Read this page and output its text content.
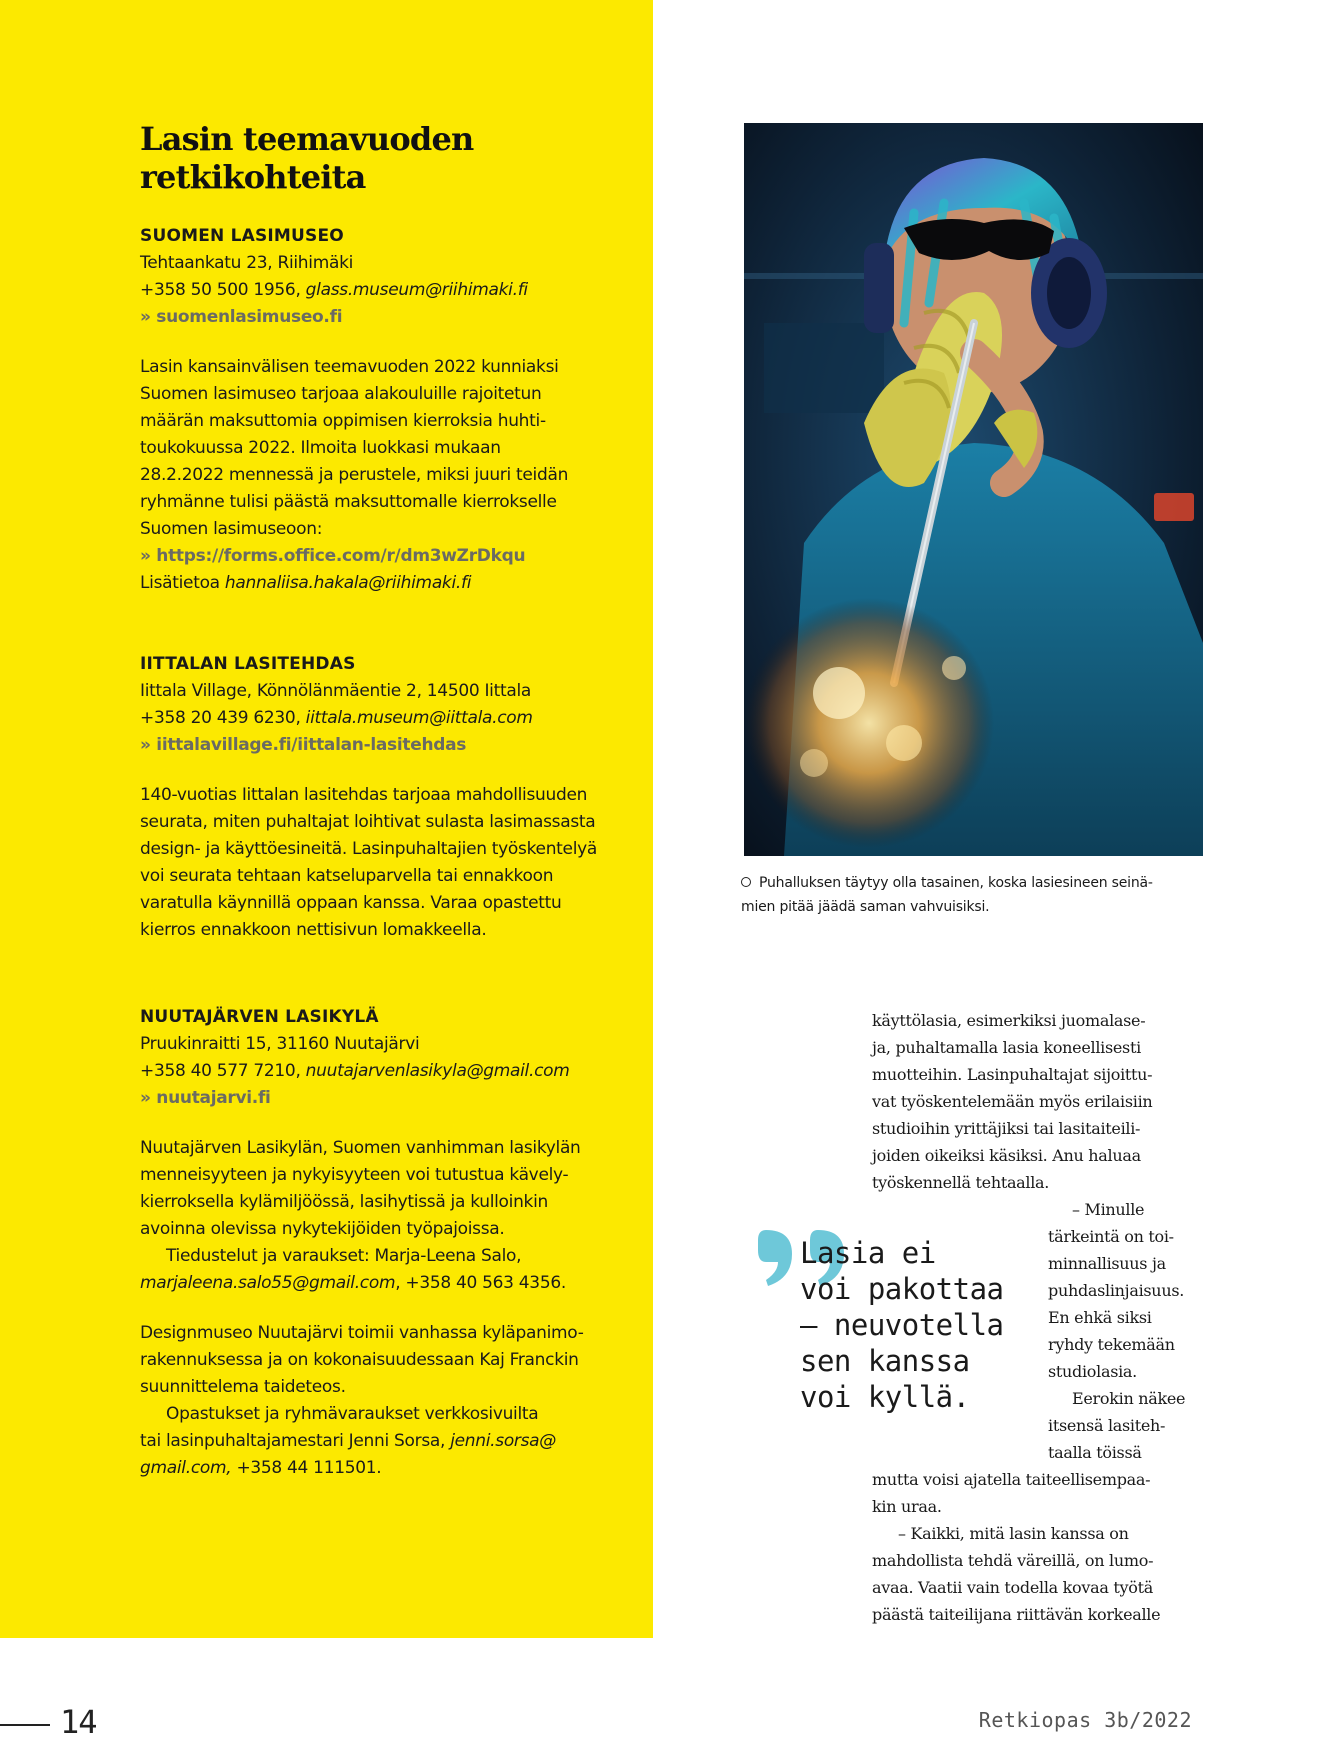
Lasin teemavuoden
retkikohteita

SUOMEN LASIMUSEO

Tehtaankatu 23, Riihimäki

+358 50 500 1956, glass.museum@riihimaki.fi

» suomenlasimuseo.fi

Lasin kansainvälisen teemavuoden 2022 kunniaksi

Suomen lasimuseo tarjoaa alakouluille rajoitetun

määrän maksuttomia oppimisen kierroksia huhti-

toukokuussa 2022. Ilmoita luokkasi mukaan

28.2.2022 mennessä ja perustele, miksi juuri teidän

ryhmänne tulisi päästä maksuttomalle kierrokselle

Suomen lasimuseoon:

» https://forms.office.com/r/dm3wZrDkqu

Lisätietoa hannaliisa.hakala@riihimaki.fi

IITTALAN LASITEHDAS

Iittala Village, Könnölänmäentie 2, 14500 Iittala

+358 20 439 6230, iittala.museum@iittala.com

» iittalavillage.fi/iittalan-lasitehdas

140-vuotias Iittalan lasitehdas tarjoaa mahdollisuuden

seurata, miten puhaltajat loihtivat sulasta lasimassasta

design- ja käyttöesineitä. Lasinpuhaltajien työskentelyä

voi seurata tehtaan katseluparvella tai ennakkoon

varatulla käynnillä oppaan kanssa. Varaa opastettu

kierros ennakkoon nettisivun lomakkeella.

NUUTAJÄRVEN LASIKYLÄ

Pruukinraitti 15, 31160 Nuutajärvi

+358 40 577 7210, nuutajarvenlasikyla@gmail.com

» nuutajarvi.fi

Nuutajärven Lasikylän, Suomen vanhimman lasikylän

menneisyyteen ja nykyisyyteen voi tutustua kävely-

kierroksella kylämiljöössä, lasihytissä ja kulloinkin

avoinna olevissa nykytekijöiden työpajoissa.

Tiedustelut ja varaukset: Marja-Leena Salo,

marjaleena.salo55@gmail.com, +358 40 563 4356.

Designmuseo Nuutajärvi toimii vanhassa kyläpanimo-

rakennuksessa ja on kokonaisuudessaan Kaj Franckin

suunnittelema taideteos.

Opastukset ja ryhmävaraukset verkkosivuilta

tai lasinpuhaltajamestari Jenni Sorsa, jenni.sorsa@

gmail.com, +358 44 111501.

Puhalluksen täytyy olla tasainen, koska lasiesineen seinä-
mien pitää jäädä saman vahvuisiksi.

käyttölasia, esimerkiksi juomalase-

ja, puhaltamalla lasia koneellisesti

muotteihin. Lasinpuhaltajat sijoittu-

vat työskentelemään myös erilaisiin

studioihin yrittäjiksi tai lasitaiteili-

joiden oikeiksi käsiksi. Anu haluaa

työskennellä tehtaalla.

– Minulle

tärkeintä on toi-

minnallisuus ja

puhdaslinjaisuus.

En ehkä siksi

ryhdy tekemään

studiolasia.

Eerokin näkee

itsensä lasiteh-

taalla töissä

mutta voisi ajatella taiteellisempaa-

kin uraa.

– Kaikki, mitä lasin kanssa on

mahdollista tehdä väreillä, on lumo-

avaa. Vaatii vain todella kovaa työtä

päästä taiteilijana riittävän korkealle

Lasia ei
voi pakottaa
– neuvotella
sen kanssa
voi kyllä.

14	Retkiopas 3b/2022
